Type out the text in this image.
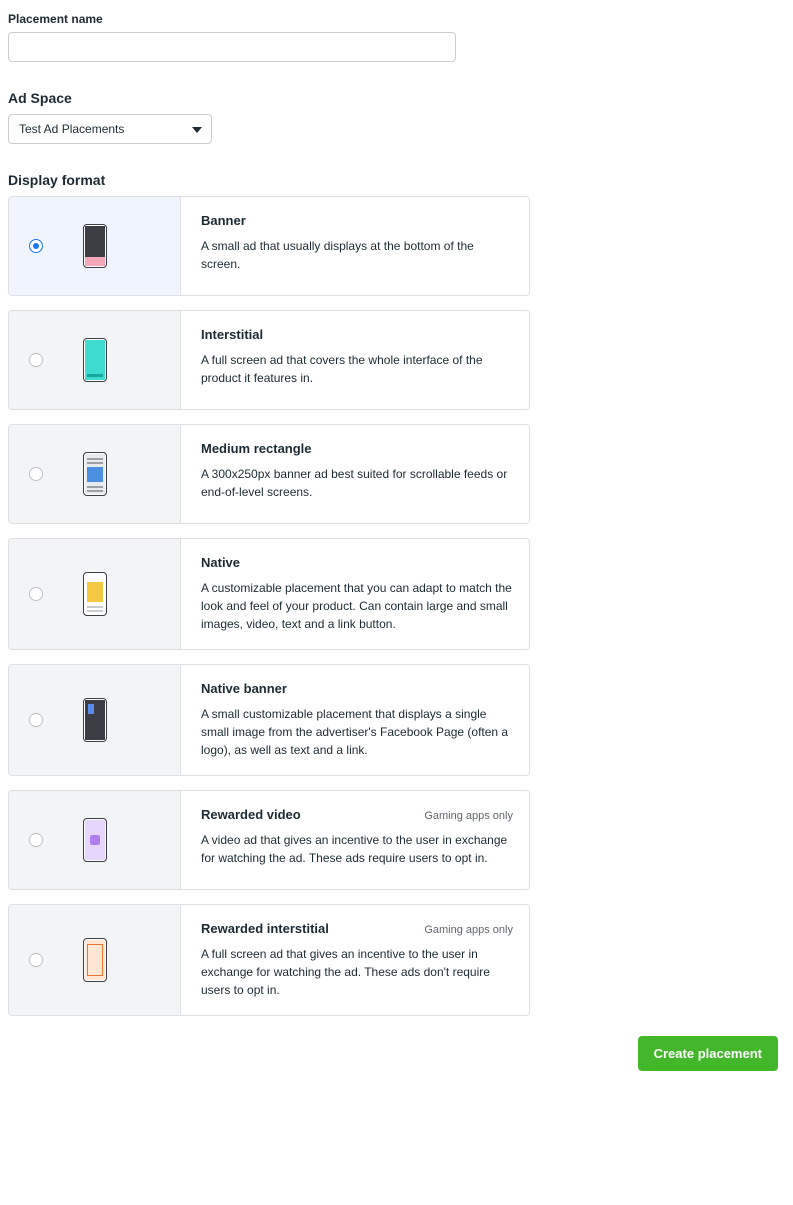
Placement name
Ad Space
Test Ad Placements
Display format
Banner
A small ad that usually displays at the bottom of the screen.
Interstitial
A full screen ad that covers the whole interface of the product it features in.
Medium rectangle
A 300x250px banner ad best suited for scrollable feeds or end-of-level screens.
Native
A customizable placement that you can adapt to match the look and feel of your product. Can contain large and small images, video, text and a link button.
Native banner
A small customizable placement that displays a single small image from the advertiser's Facebook Page (often a logo), as well as text and a link.
Rewarded video	Gaming apps only
A video ad that gives an incentive to the user in exchange for watching the ad. These ads require users to opt in.
Rewarded interstitial	Gaming apps only
A full screen ad that gives an incentive to the user in exchange for watching the ad. These ads don't require users to opt in.
Create placement
